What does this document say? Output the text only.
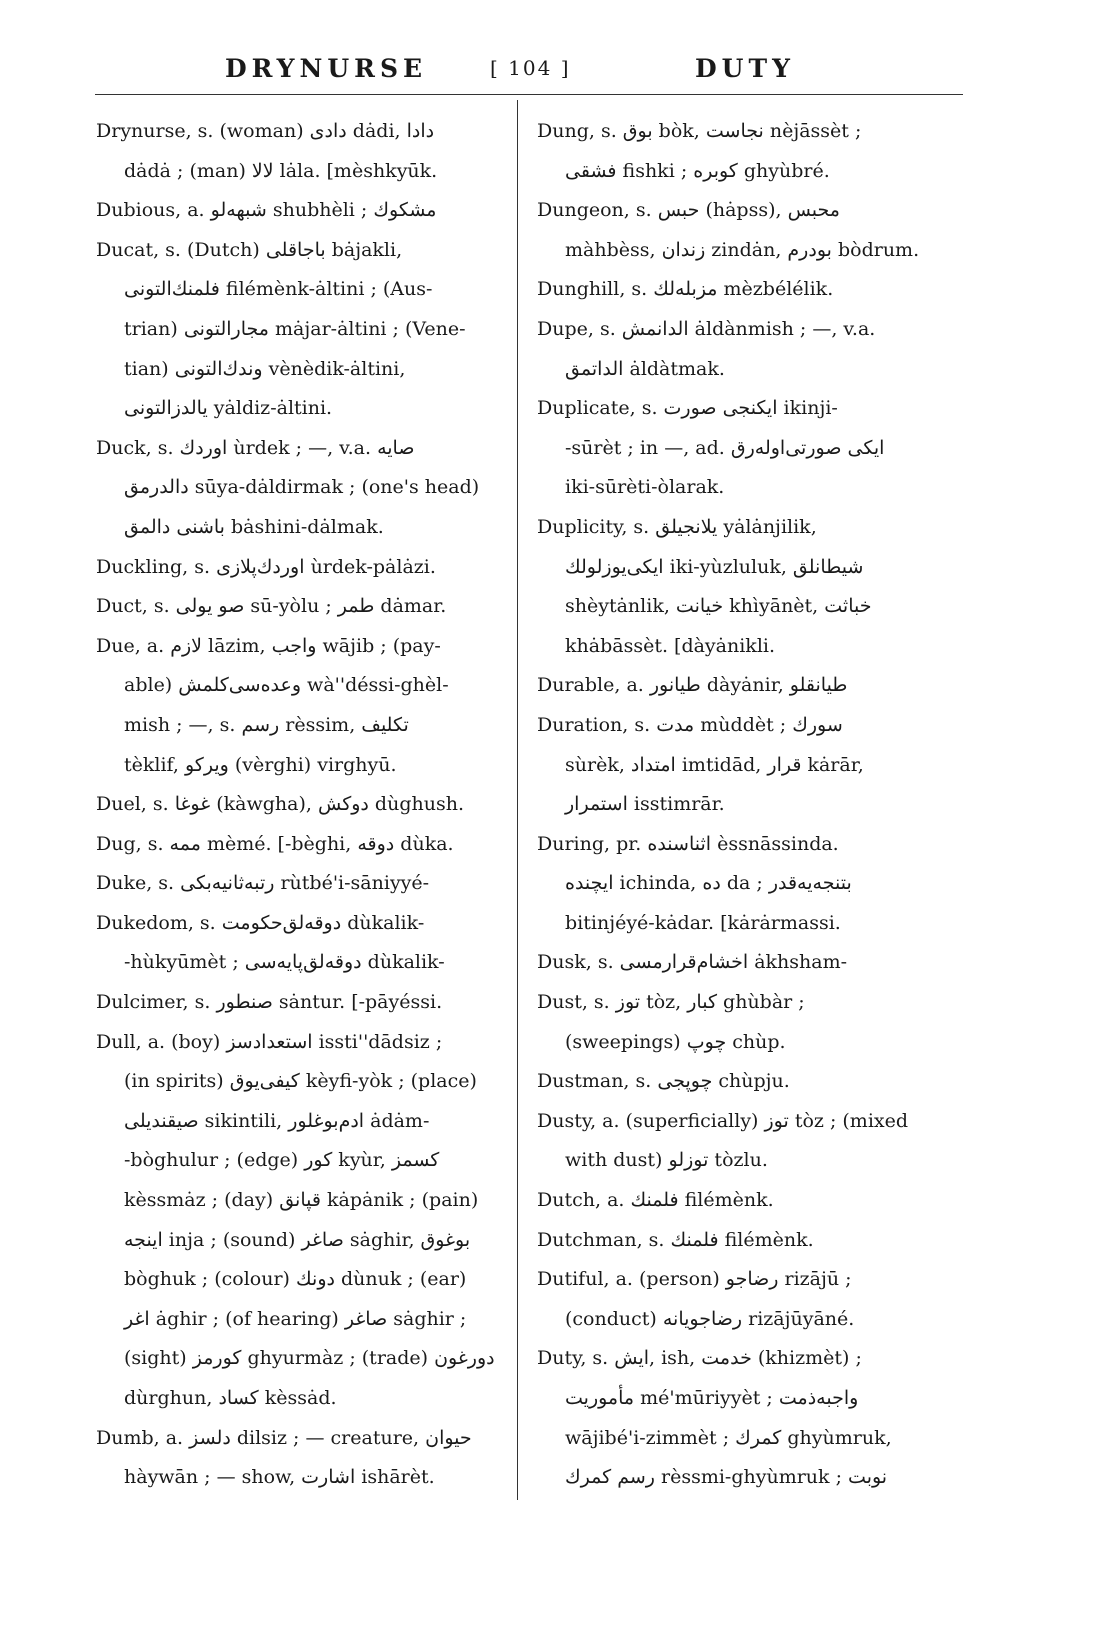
DRYNURSE	[ 104 ]	DUTY
Drynurse, s. (woman) دادی dȧdi, دادا
dȧdȧ ; (man) لالا lȧla. [mèshkyūk.
Dubious, a. شبهه‌لو shubhèli ; مشکوك
Ducat, s. (Dutch) باجاقلی bȧjakli,
فلمنك‌التونی filémènk-ȧltini ; (Aus-
trian) مجارالتونی mȧjar-ȧltini ; (Vene-
tian) وندك‌التونی vènèdik-ȧltini,
یالدزالتونی yȧldiz-ȧltini.
Duck, s. اوردك ùrdek ; —, v.a. صایه
دالدرمق sūya-dȧldirmak ; (one's head)
باشنی دالمق bȧshini-dȧlmak.
Duckling, s. اوردك‌پلازی ùrdek-pȧlȧzi.
Duct, s. صو یولی sū-yòlu ; طمر dȧmar.
Due, a. لازم lāzim, واجب wājib ; (pay-
able) وعده‌سی‌کلمش wà''déssi-ghèl-
mish ; —, s. رسم rèssim, تكلیف
tèklif, ویركو (vèrghi) virghyū.
Duel, s. غوغا (kàwgha), دوکش dùghush.
Dug, s. ممه mèmé. [-bèghi, دوقه dùka.
Duke, s. رتبه‌ثانیه‌بكی rùtbé'i-sāniyyé-
Dukedom, s. دوقه‌لق‌حكومت dùkalik-
-hùkyūmèt ; دوقه‌لق‌پایه‌سی dùkalik-
Dulcimer, s. صنطور sȧntur. [-pāyéssi.
Dull, a. (boy) استعدادسز issti''dādsiz ;
(in spirits) کیفی‌یوق kèyfi-yòk ; (place)
صیقندیلی sikintili, ادم‌بوغلور ȧdȧm-
-bòghulur ; (edge) کور kyùr, کسمز
kèssmȧz ; (day) قپانق kȧpȧnik ; (pain)
اینجه inja ; (sound) صاغر sȧghir, بوغوق
bòghuk ; (colour) دونك dùnuk ; (ear)
اغر ȧghir ; (of hearing) صاغر sȧghir ;
(sight) کورمز ghyurmàz ; (trade) دورغون
dùrghun, کساد kèssȧd.
Dumb, a. دلسز dilsiz ; — creature, حیوان
hàywān ; — show, اشارت ishārèt.
Dung, s. بوق bòk, نجاست nèjāssèt ;
فشقی fishki ; كوبره ghyùbré.
Dungeon, s. حبس (hȧpss), محبس
màhbèss, زندان zindȧn, بودرم bòdrum.
Dunghill, s. مزبله‌لك mèzbélélik.
Dupe, s. الدانمش ȧldànmish ; —, v.a.
الداتمق ȧldàtmak.
Duplicate, s. ایكنجی صورت ikinji-
-sūrèt ; in —, ad. ایكی صورتی‌اوله‌رق
iki-sūrèti-òlarak.
Duplicity, s. یلانجیلق yȧlȧnjilik,
ایكی‌یوزلولك iki-yùzluluk, شیطانلق
shèytȧnlik, خیانت khìyānèt, خباثت
khȧbāssèt. [dàyȧnikli.
Durable, a. طیانور dàyȧnir, طیانقلو
Duration, s. مدت mùddèt ; سورك
sùrèk, امتداد imtidād, قرار kȧrār,
استمرار isstimrār.
During, pr. اثناسنده èssnāssinda.
ایچنده ichinda, ده da ; بتنجه‌یه‌قدر
bitinjéyé-kȧdar. [kȧrȧrmassi.
Dusk, s. اخشام‌قرارمسی ȧkhsham-
Dust, s. توز tòz, كبار ghùbàr ;
(sweepings) چوپ chùp.
Dustman, s. چوپجی chùpju.
Dusty, a. (superficially) توز tòz ; (mixed
with dust) توزلو tòzlu.
Dutch, a. فلمنك filémènk.
Dutchman, s. فلمنك filémènk.
Dutiful, a. (person) رضاجو rizājū ;
(conduct) رضاجویانه rizājūyāné.
Duty, s. ایش, ish, خدمت (khizmèt) ;
مأموریت mé'mūriyyèt ; واجبه‌ذمت
wājibé'i-zimmèt ; كمرك ghyùmruk,
رسم كمرك rèssmi-ghyùmruk ; نوبت
